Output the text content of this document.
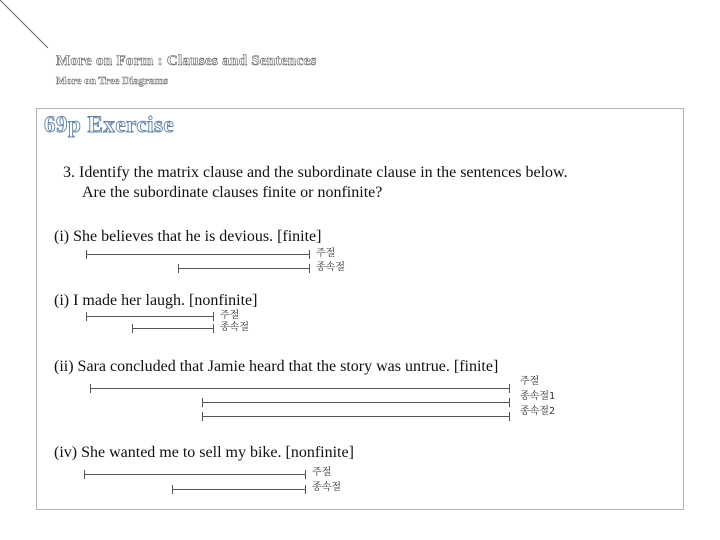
More on Form : Clauses and Sentences
More on Tree Diagrams
69p Exercise
3. Identify the matrix clause and the subordinate clause in the sentences below.
Are the subordinate clauses finite or nonfinite?
(i) She believes that he is devious. [finite]
주절
종속절
(i) I made her laugh. [nonfinite]
주절
종속절
(ii) Sara concluded that Jamie heard that the story was untrue. [finite]
주절
종속절1
종속절2
(iv) She wanted me to sell my bike. [nonfinite]
주절
종속절
